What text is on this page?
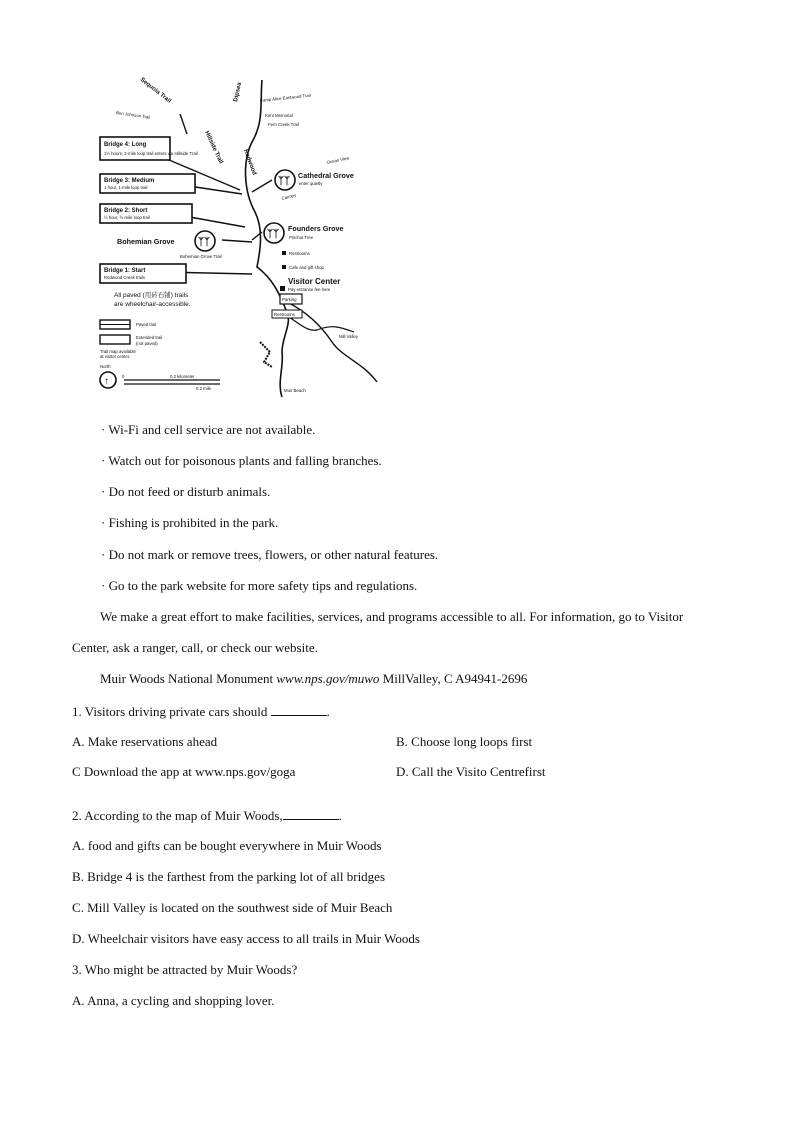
Sequoia Trail
Ben Johnson Trail
Dipsea	Camp Alice Eastwood Trail
Kent Memorial
Fern Creek Trail
Hillside Trail	Redwood	Ocean View
Canopy
Bohemian Grove Trail
Bridge 4: Long
1½ hours, 2-mile loop trail enters via Hillside Trail
Bridge 3: Medium
1 hour, 1-mile loop trail
Bridge 2: Short
½ hour, ½-mile loop trail
Bridge 1: Start
Redwood Creek trails
ᛉᛉ
Cathedral Grove
enter quietly
ᛉᛉ
Founders Grove
Pinchot Tree
ᛉᛉ
Bohemian Grove
Restrooms
Cafe and gift shop
Visitor Center
Pay entrance fee here
Parking
Restrooms
Mill Valley
Muir Beach
All paved (用砖石铺) trails
are wheelchair-accessible.
Paved trail
Extended trail
(not paved)
Trail map available
at visitor center.
North
↑	0	0.2 kilometer
0.2 mile
· Wi-Fi and cell service are not available.
· Watch out for poisonous plants and falling branches.
· Do not feed or disturb animals.
· Fishing is prohibited in the park.
· Do not mark or remove trees, flowers, or other natural features.
· Go to the park website for more safety tips and regulations.
We make a great effort to make facilities, services, and programs accessible to all. For information, go to Visitor
Center, ask a ranger, call, or check our website.
Muir Woods National Monument www.nps.gov/muwo MillValley, C A94941-2696
1. Visitors driving private cars should	.
A. Make reservations ahead	B. Choose long loops first
C Download the app at www.nps.gov/goga	D. Call the Visito Centrefirst
2. According to the map of Muir Woods,	.
A. food and gifts can be bought everywhere in Muir Woods
B. Bridge 4 is the farthest from the parking lot of all bridges
C. Mill Valley is located on the southwest side of Muir Beach
D. Wheelchair visitors have easy access to all trails in Muir Woods
3. Who might be attracted by Muir Woods?
A. Anna, a cycling and shopping lover.
